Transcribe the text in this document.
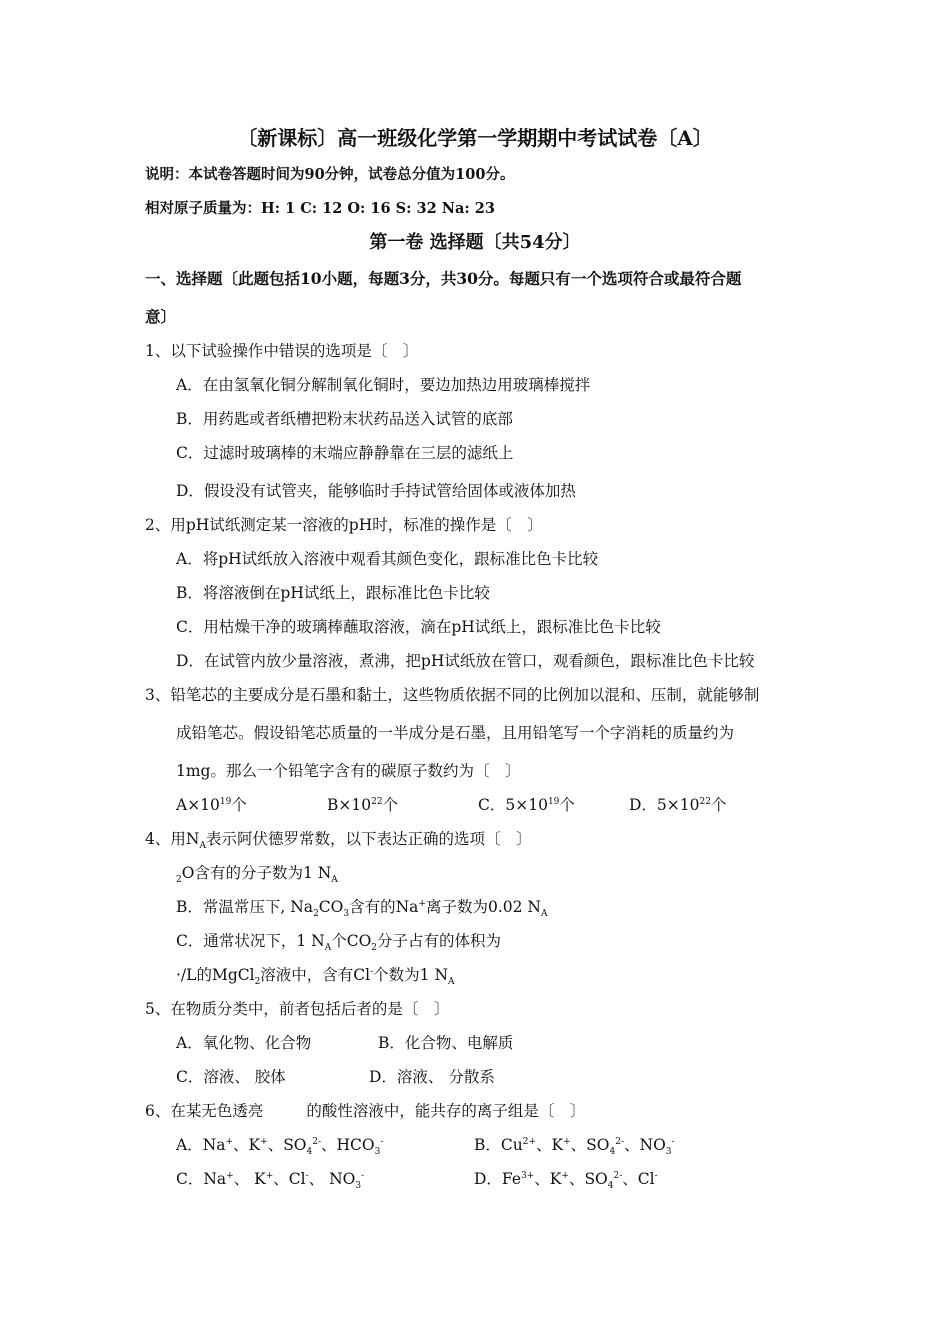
〔新课标〕高一班级化学第一学期期中考试试卷〔A〕
说明：本试卷答题时间为90分钟，试卷总分值为100分。
相对原子质量为：H: 1 C: 12 O: 16 S: 32 Na: 23
第一卷 选择题〔共54分〕
一、选择题〔此题包括10小题，每题3分，共30分。每题只有一个选项符合或最符合题
意〕
1、以下试验操作中错误的选项是〔　〕
A．在由氢氧化铜分解制氧化铜时，要边加热边用玻璃棒搅拌
B．用药匙或者纸槽把粉末状药品送入试管的底部
C．过滤时玻璃棒的末端应静静靠在三层的滤纸上
D．假设没有试管夹，能够临时手持试管给固体或液体加热
2、用pH试纸测定某一溶液的pH时，标准的操作是〔　〕
A．将pH试纸放入溶液中观看其颜色变化，跟标准比色卡比较
B．将溶液倒在pH试纸上，跟标准比色卡比较
C．用枯燥干净的玻璃棒蘸取溶液，滴在pH试纸上，跟标准比色卡比较
D．在试管内放少量溶液，煮沸，把pH试纸放在管口，观看颜色，跟标准比色卡比较
3、铅笔芯的主要成分是石墨和黏土，这些物质依据不同的比例加以混和、压制，就能够制
成铅笔芯。假设铅笔芯质量的一半成分是石墨，且用铅笔写一个字消耗的质量约为
1mg。那么一个铅笔字含有的碳原子数约为〔　〕
$A\times 10^{19}$个	$B\times 10^{22}$个	C．$5\times 10^{19}$个	D．$5\times 10^{22}$个
4、用$N_A$表示阿伏德罗常数，以下表达正确的选项〔　〕
$_2$O含有的分子数为1 $N_A$
B．常温常压下, $Na_2CO_3$含有的Na+离子数为0.02 $N_A$
C．通常状况下，1 $N_A$个$CO_2$分子占有的体积为
·/L的MgCl$_2$溶液中，含有Cl-个数为1 $N_A$
5、在物质分类中，前者包括后者的是〔　〕
A．氧化物、化合物	B．化合物、电解质
C．溶液、 胶体	D．溶液、 分散系
6、在某无色透亮	的酸性溶液中，能共存的离子组是〔　〕
A．Na+、K+、$SO_4^{2-}$、$HCO_3^-$	B．$Cu^{2+}$、K+、$SO_4^{2-}$、$NO_3^-$
C．Na+、 K+、Cl-、 $NO_3^-$	D．$Fe^{3+}$、K+、$SO_4^{2-}$、Cl-
